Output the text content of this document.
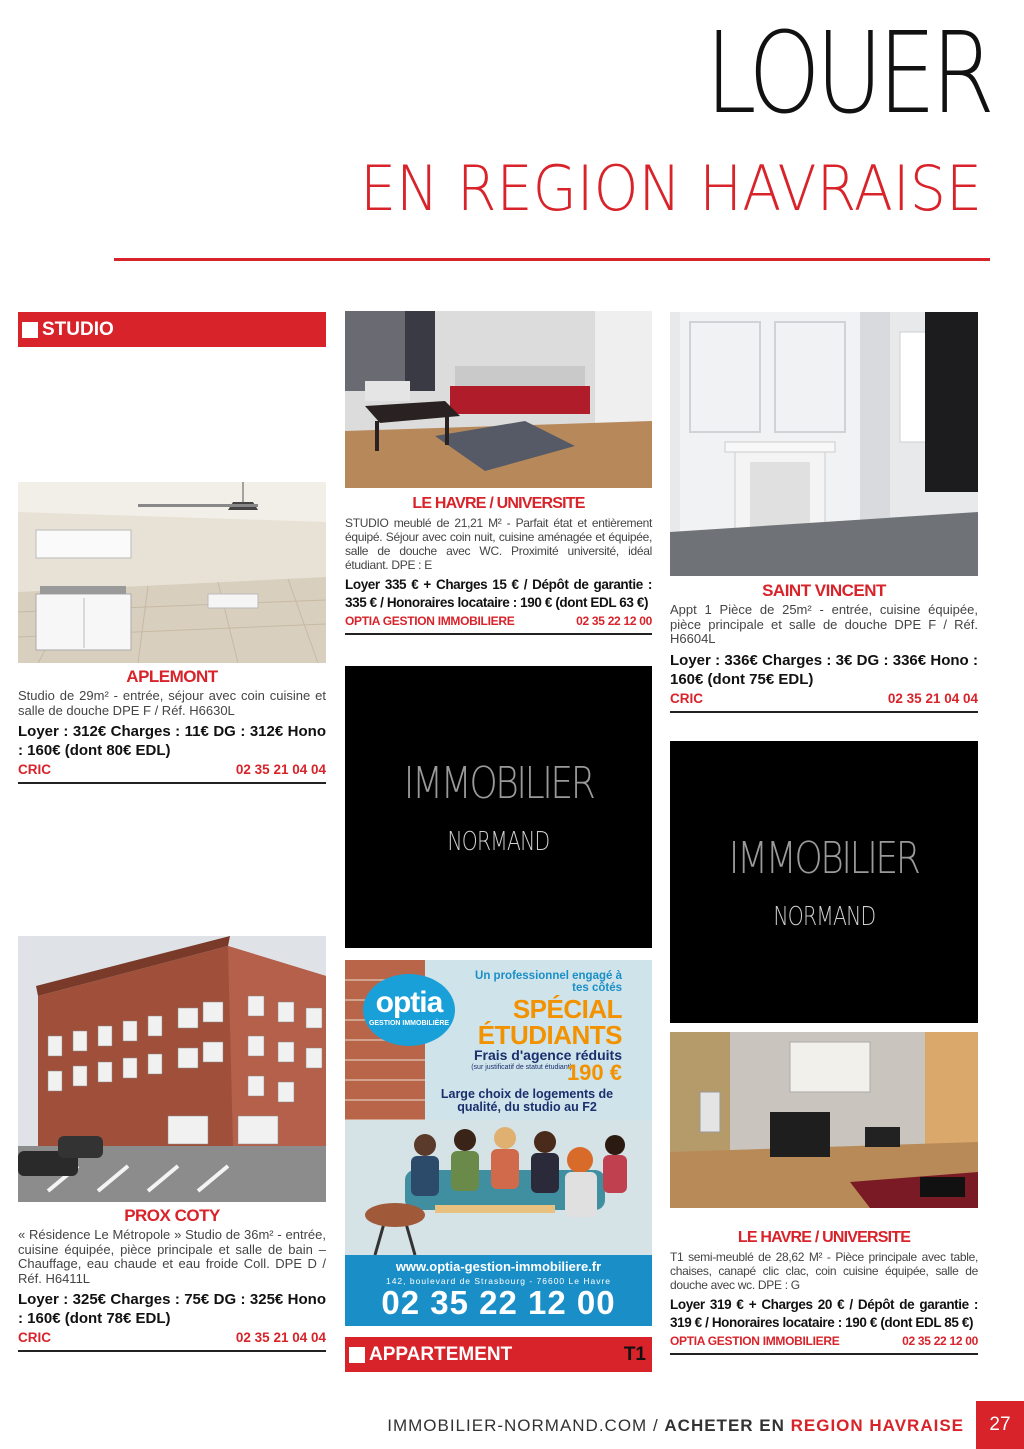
LOUER
EN REGION HAVRAISE
STUDIO
APLEMONT
Studio de 29m² - entrée, séjour avec coin cuisine et salle de douche DPE F / Réf. H6630L
Loyer : 312€ Charges : 11€ DG : 312€ Hono : 160€ (dont 80€ EDL)
CRIC	02 35 21 04 04
PROX COTY
« Résidence Le Métropole » Studio de 36m² - entrée, cuisine équipée, pièce principale et salle de bain – Chauffage, eau chaude et eau froide Coll. DPE D / Réf. H6411L
Loyer : 325€ Charges : 75€ DG : 325€ Hono : 160€ (dont 78€ EDL)
CRIC	02 35 21 04 04
LE HAVRE / UNIVERSITE
STUDIO meublé de 21,21 M² - Parfait état et entièrement équipé. Séjour avec coin nuit, cuisine aménagée et équipée, salle de douche avec WC. Proximité université, idéal étudiant. DPE : E
Loyer 335 € + Charges 15 € / Dépôt de garantie : 335 € / Honoraires locataire : 190 € (dont EDL 63 €)
OPTIA GESTION IMMOBILIERE	02 35 22 12 00
IMMOBILIER
NORMAND
optia
GESTION IMMOBILIÈRE
Un professionnel engagé à tes côtés
SPÉCIAL ÉTUDIANTS
Frais d'agence réduits
(sur justificatif de statut étudiant)
190 €
Large choix de logements de qualité, du studio au F2
www.optia-gestion-immobiliere.fr
142, boulevard de Strasbourg - 76600 Le Havre
02 35 22 12 00
APPARTEMENT	T1
SAINT VINCENT
Appt 1 Pièce de 25m² - entrée, cuisine équipée, pièce principale et salle de douche DPE F / Réf. H6604L
Loyer : 336€ Charges : 3€ DG : 336€ Hono : 160€ (dont 75€ EDL)
CRIC	02 35 21 04 04
IMMOBILIER
NORMAND
LE HAVRE / UNIVERSITE
T1 semi-meublé de 28,62 M² - Pièce principale avec table, chaises, canapé clic clac, coin cuisine équipée, salle de douche avec wc. DPE : G
Loyer 319 € + Charges 20 € / Dépôt de garantie : 319 € / Honoraires locataire : 190 € (dont EDL 85 €)
OPTIA GESTION IMMOBILIERE	02 35 22 12 00
IMMOBILIER-NORMAND.COM / ACHETER EN REGION HAVRAISE	27
